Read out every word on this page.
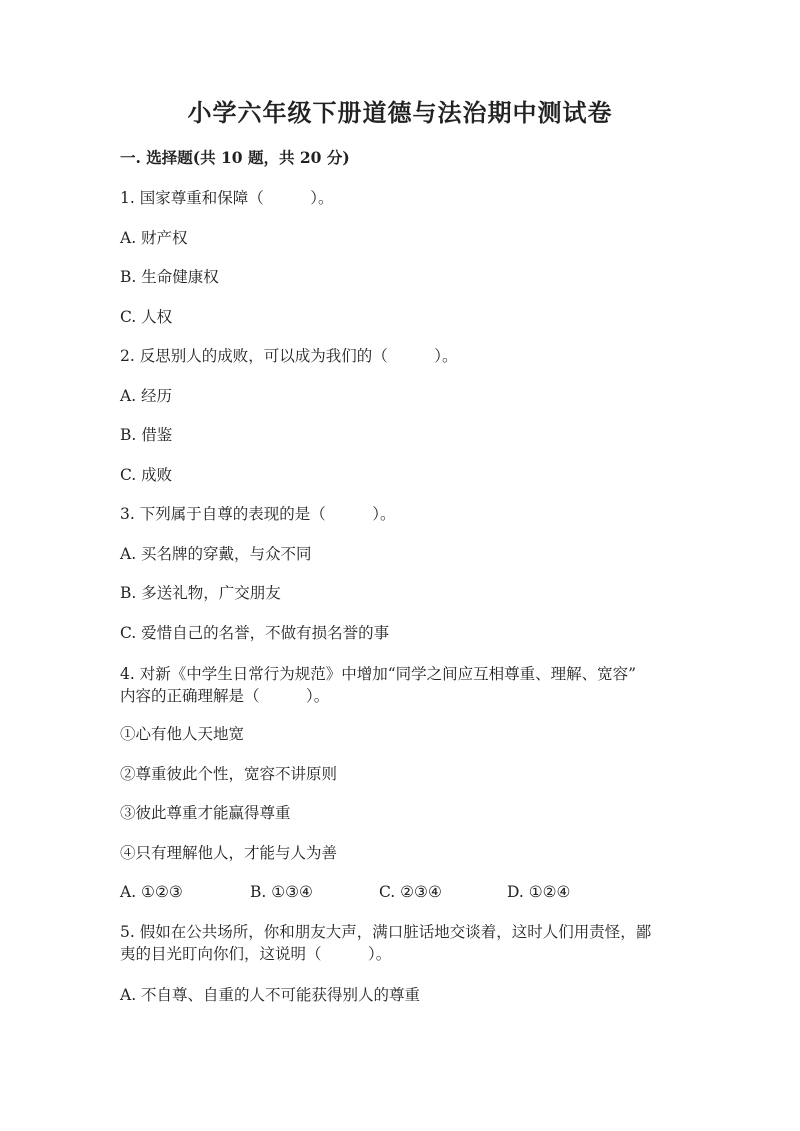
小学六年级下册道德与法治期中测试卷
一. 选择题(共 10 题，共 20 分)
1. 国家尊重和保障（　　　）。
A. 财产权
B. 生命健康权
C. 人权
2. 反思别人的成败，可以成为我们的（　　　）。
A. 经历
B. 借鉴
C. 成败
3. 下列属于自尊的表现的是（　　　）。
A. 买名牌的穿戴，与众不同
B. 多送礼物，广交朋友
C. 爱惜自己的名誉，不做有损名誉的事
4. 对新《中学生日常行为规范》中增加“同学之间应互相尊重、理解、宽容”
内容的正确理解是（　　　）。
①心有他人天地宽
②尊重彼此个性，宽容不讲原则
③彼此尊重才能赢得尊重
④只有理解他人，才能与人为善
A. ①②③	B. ①③④	C. ②③④	D. ①②④
5. 假如在公共场所，你和朋友大声，满口脏话地交谈着，这时人们用责怪，鄙
夷的目光盯向你们，这说明（　　　）。
A. 不自尊、自重的人不可能获得别人的尊重
